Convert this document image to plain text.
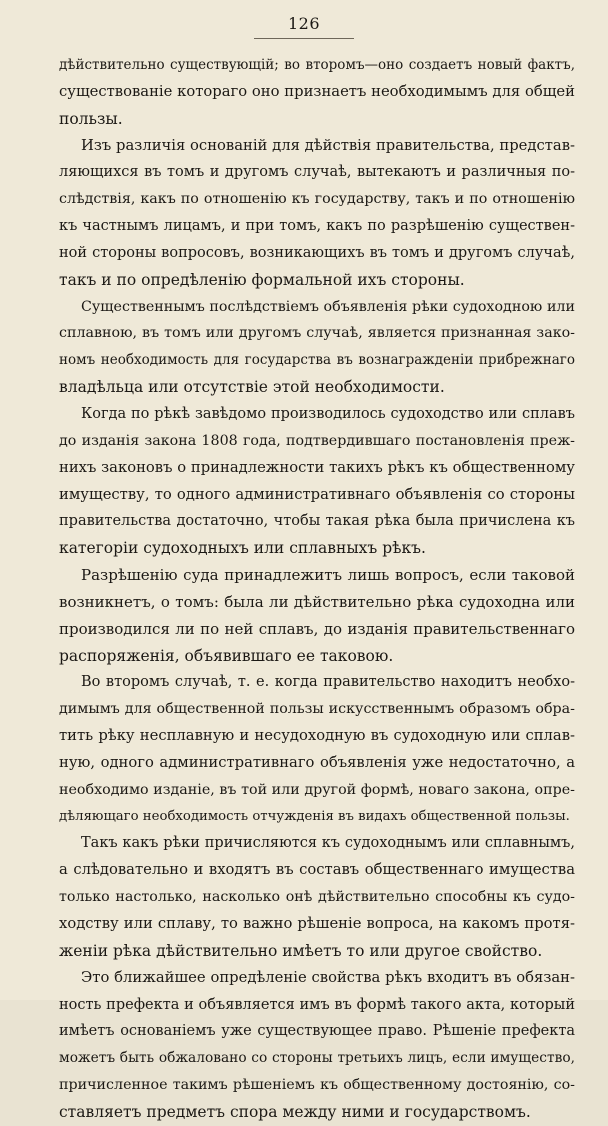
126
дѣйствительно существующій; во второмъ—оно создаетъ новый фактъ,
существованіе котораго оно признаетъ необходимымъ для общей
пользы.
Изъ различія основаній для дѣйствія правительства, представ-
ляющихся въ томъ и другомъ случаѣ, вытекаютъ и различныя по-
слѣдствія, какъ по отношенію къ государству, такъ и по отношенію
къ частнымъ лицамъ, и при томъ, какъ по разрѣшенію существен-
ной стороны вопросовъ, возникающихъ въ томъ и другомъ случаѣ,
такъ и по опредѣленію формальной ихъ стороны.
Существеннымъ послѣдствіемъ объявленія рѣки судоходною или
сплавною, въ томъ или другомъ случаѣ, является признанная зако-
номъ необходимость для государства въ вознагражденіи прибрежнаго
владѣльца или отсутствіе этой необходимости.
Когда по рѣкѣ завѣдомо производилось судоходство или сплавъ
до изданія закона 1808 года, подтвердившаго постановленія преж-
нихъ законовъ о принадлежности такихъ рѣкъ къ общественному
имуществу, то одного административнаго объявленія со стороны
правительства достаточно, чтобы такая рѣка была причислена къ
категоріи судоходныхъ или сплавныхъ рѣкъ.
Разрѣшенію суда принадлежитъ лишь вопросъ, если таковой
возникнетъ, о томъ: была ли дѣйствительно рѣка судоходна или
производился ли по ней сплавъ, до изданія правительственнаго
распоряженія, объявившаго ее таковою.
Во второмъ случаѣ, т. е. когда правительство находитъ необхо-
димымъ для общественной пользы искусственнымъ образомъ обра-
тить рѣку несплавную и несудоходную въ судоходную или сплав-
ную, одного административнаго объявленія уже недостаточно, а
необходимо изданіе, въ той или другой формѣ, новаго закона, опре-
дѣляющаго необходимость отчужденія въ видахъ общественной пользы.
Такъ какъ рѣки причисляются къ судоходнымъ или сплавнымъ,
а слѣдовательно и входятъ въ составъ общественнаго имущества
только настолько, насколько онѣ дѣйствительно способны къ судо-
ходству или сплаву, то важно рѣшеніе вопроса, на какомъ протя-
женіи рѣка дѣйствительно имѣетъ то или другое свойство.
Это ближайшее опредѣленіе свойства рѣкъ входитъ въ обязан-
ность префекта и объявляется имъ въ формѣ такого акта, который
имѣетъ основаніемъ уже существующее право. Рѣшеніе префекта
можетъ быть обжаловано со стороны третьихъ лицъ, если имущество,
причисленное такимъ рѣшеніемъ къ общественному достоянію, со-
ставляетъ предметъ спора между ними и государствомъ.
